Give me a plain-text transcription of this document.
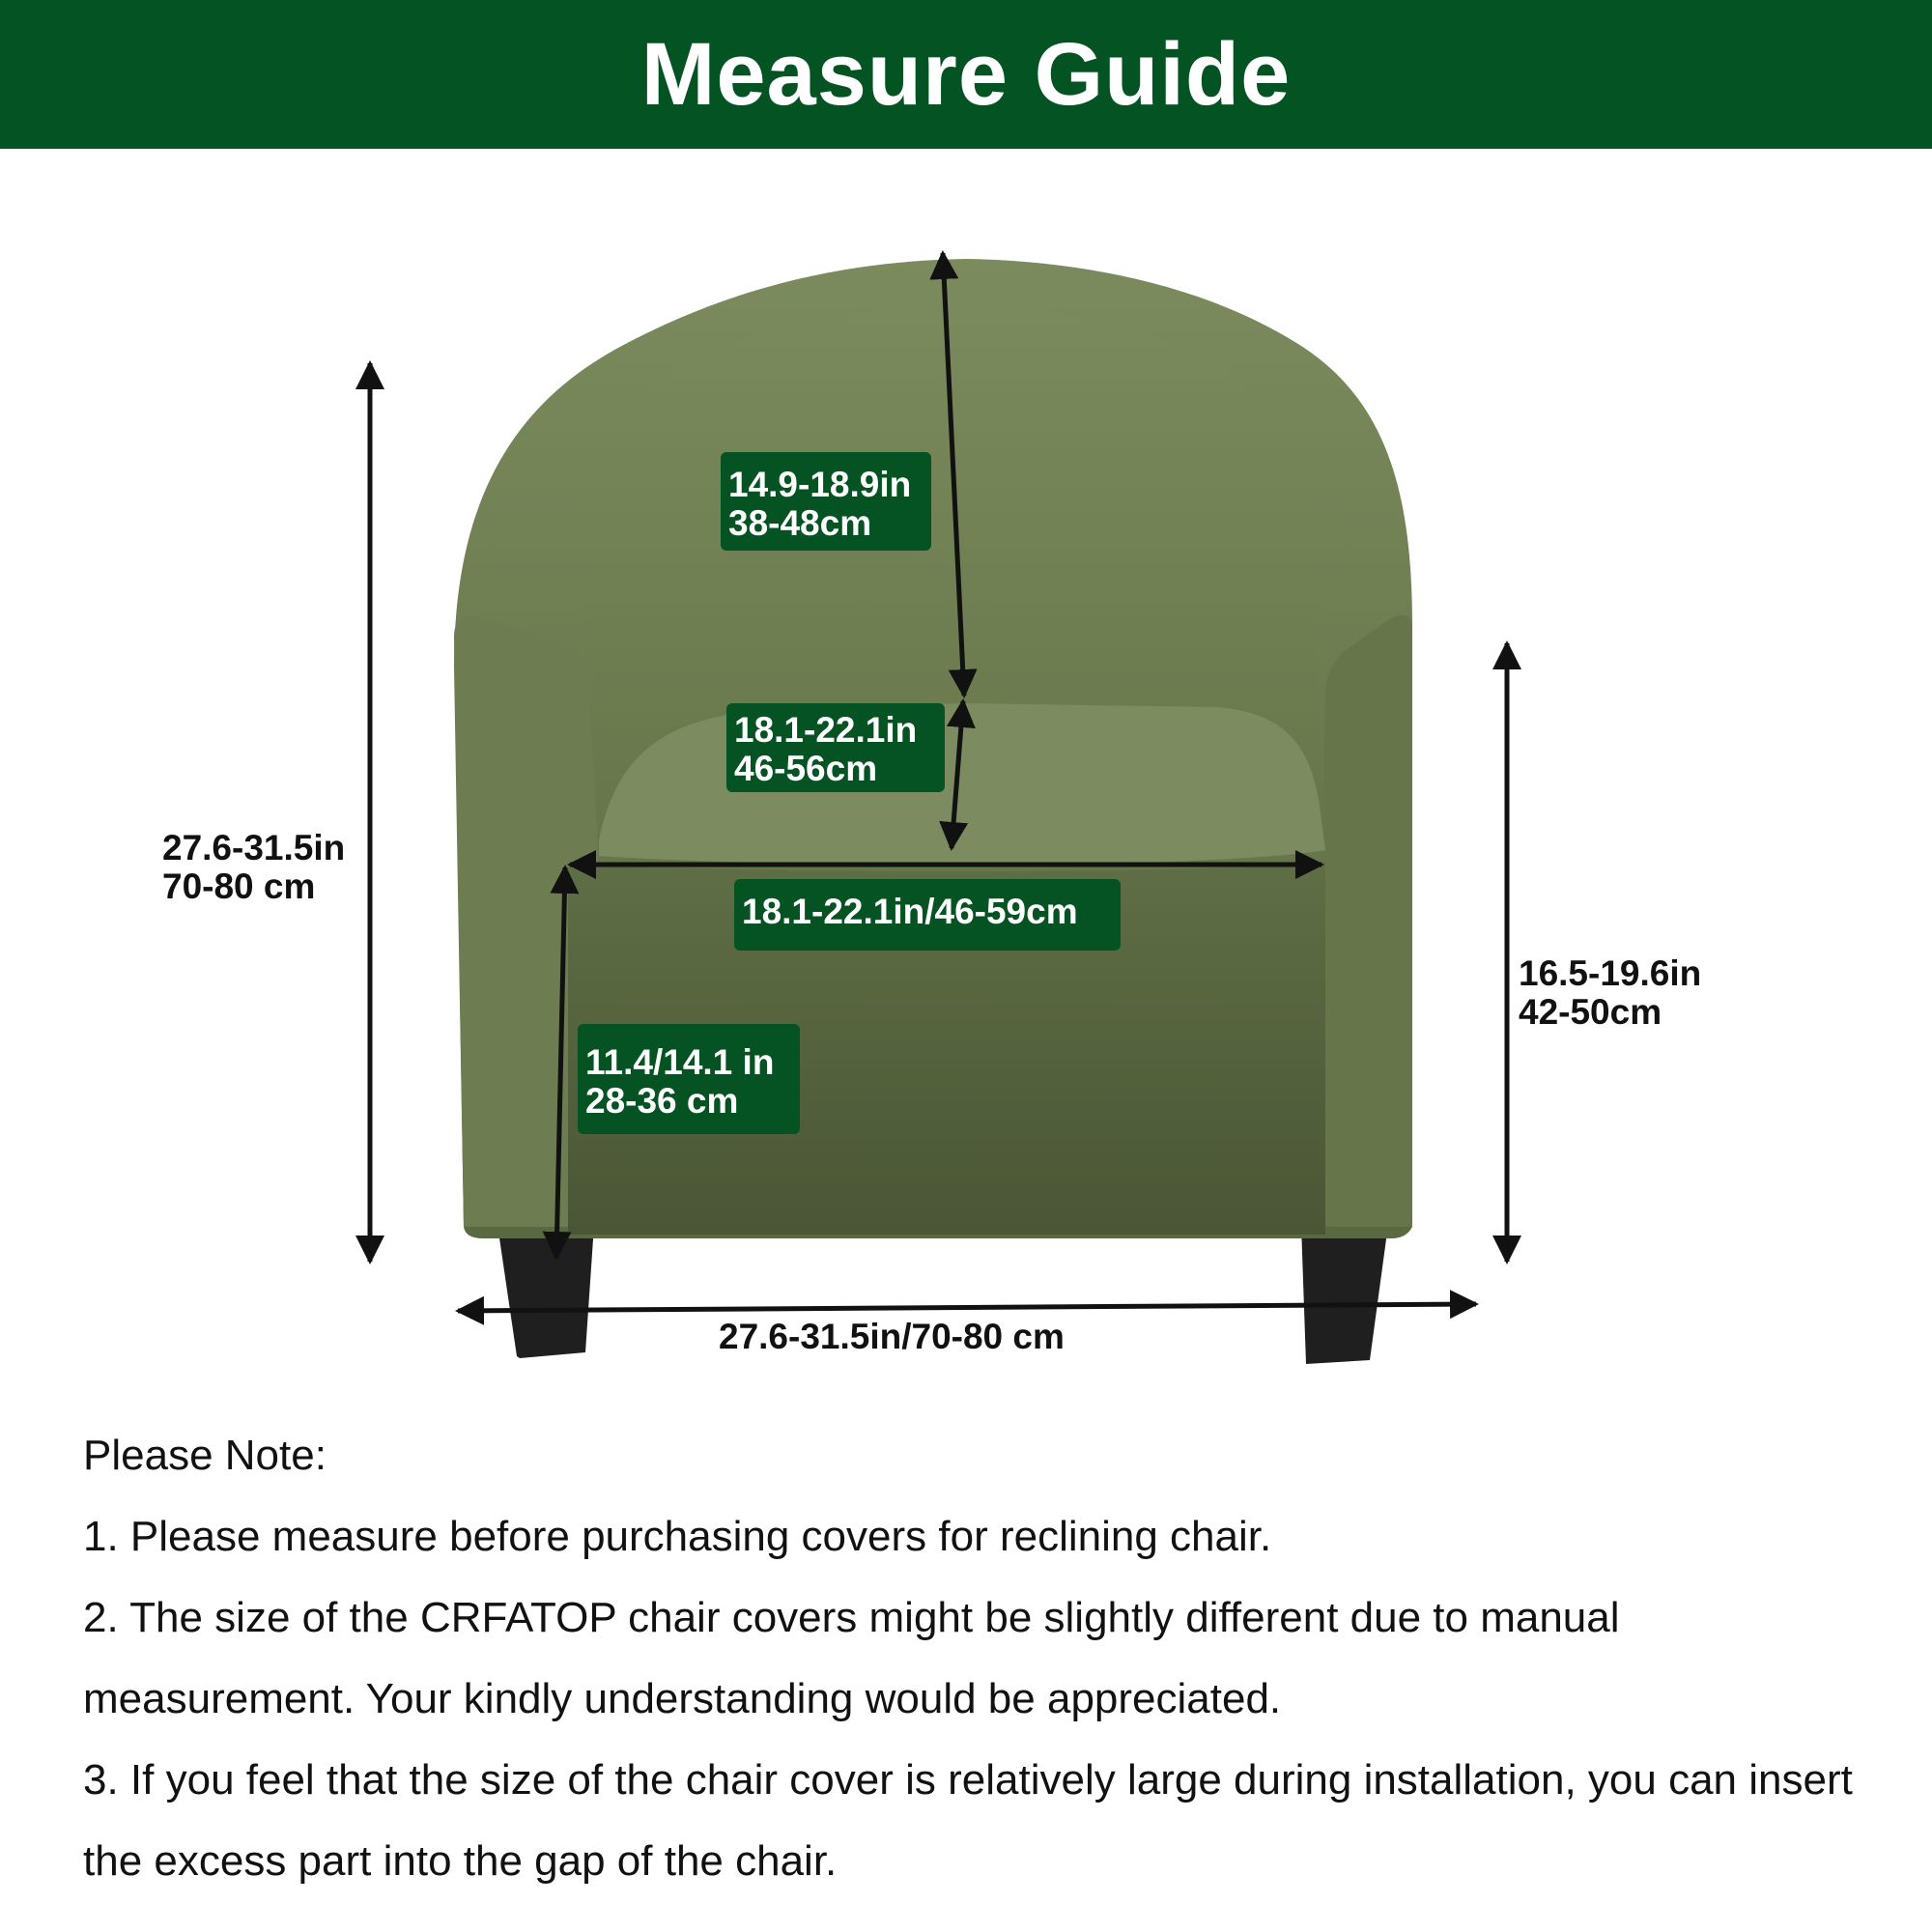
Measure Guide
27.6-31.5in
70-80 cm
16.5-19.6in
42-50cm
27.6-31.5in/70-80 cm
14.9-18.9in
38-48cm
18.1-22.1in
46-56cm
18.1-22.1in/46-59cm
11.4/14.1 in
28-36 cm

Please Note:

1. Please measure before purchasing covers for reclining chair.

2. The size of the CRFATOP chair covers might be slightly different due to manual measurement. Your kindly understanding would be appreciated.

3. If you feel that the size of the chair cover is relatively large during installation, you can insert the excess part into the gap of the chair.
